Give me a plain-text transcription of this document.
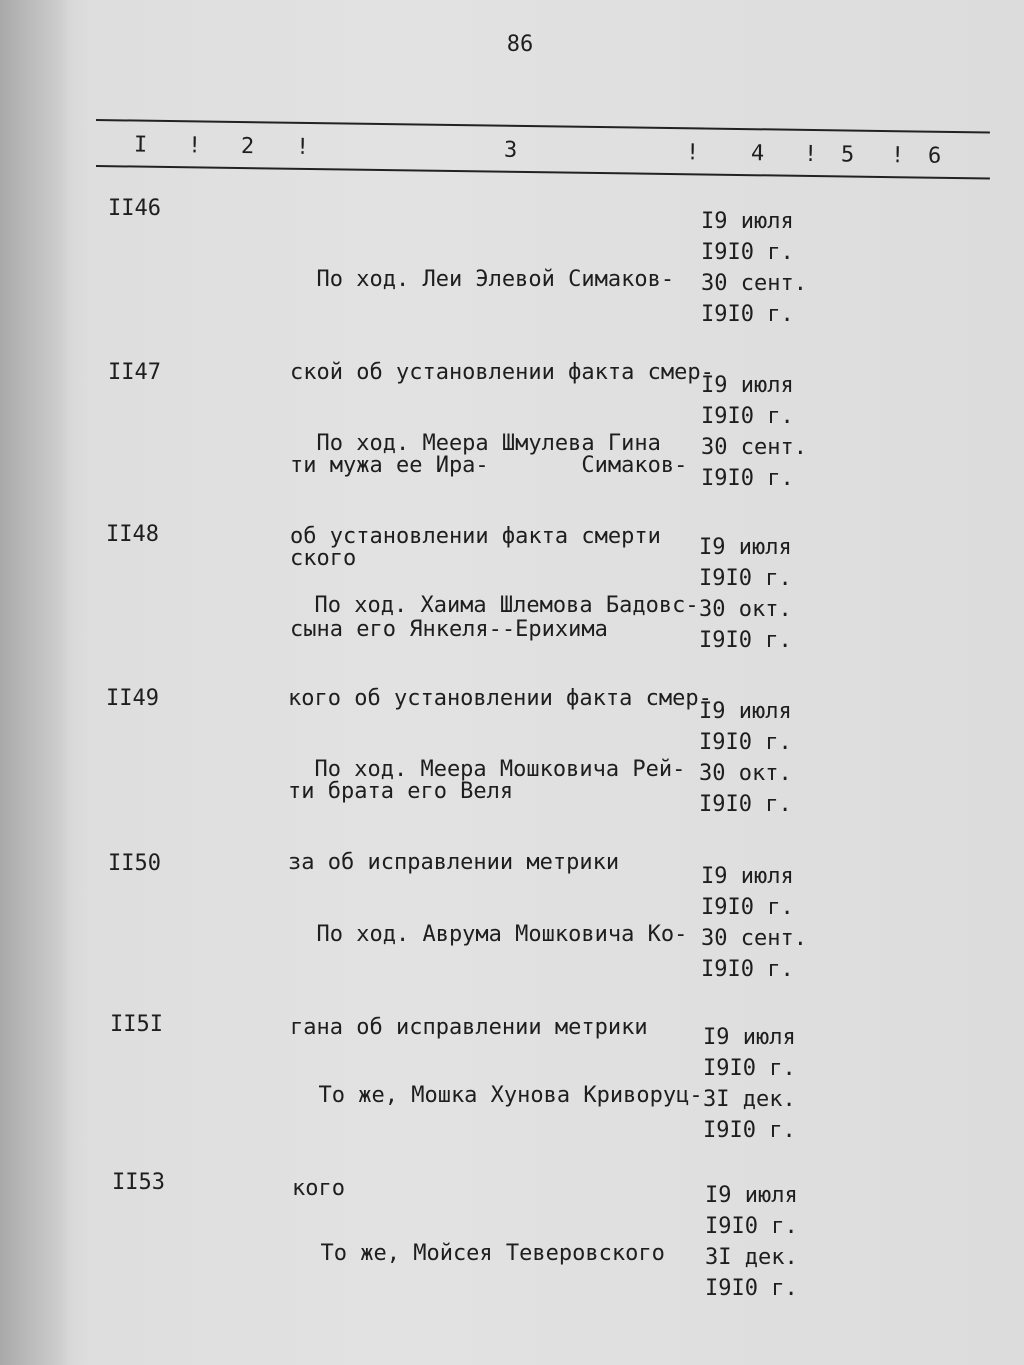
86
I ! 2 !	3	! 4 ! 5 ! 6
II46

По ход. Леи Элевой Симаков-

ской об установлении факта смер-

ти мужа ее Ира-       Симаков-

ского

I9 июля
I9I0 г.
30 сент.
I9I0 г.
II47

По ход. Меера Шмулева Гина

об установлении факта смерти

сына его Янкеля--Ерихима

I9 июля
I9I0 г.
30 сент.
I9I0 г.
II48

По ход. Хаима Шлемова Бадовс-

кого об установлении факта смер-

ти брата его Веля

I9 июля
I9I0 г.
30 окт.
I9I0 г.
II49

По ход. Меера Мошковича Рей-

за об исправлении метрики

I9 июля
I9I0 г.
30 окт.
I9I0 г.
II50

По ход. Аврума Мошковича Ко-

гана об исправлении метрики

I9 июля
I9I0 г.
30 сент.
I9I0 г.
II5I

То же, Мошка Хунова Криворуц-

кого

I9 июля
I9I0 г.
3I дек.
I9I0 г.
II53

То же, Мойсея Теверовского

I9 июля
I9I0 г.
3I дек.
I9I0 г.
